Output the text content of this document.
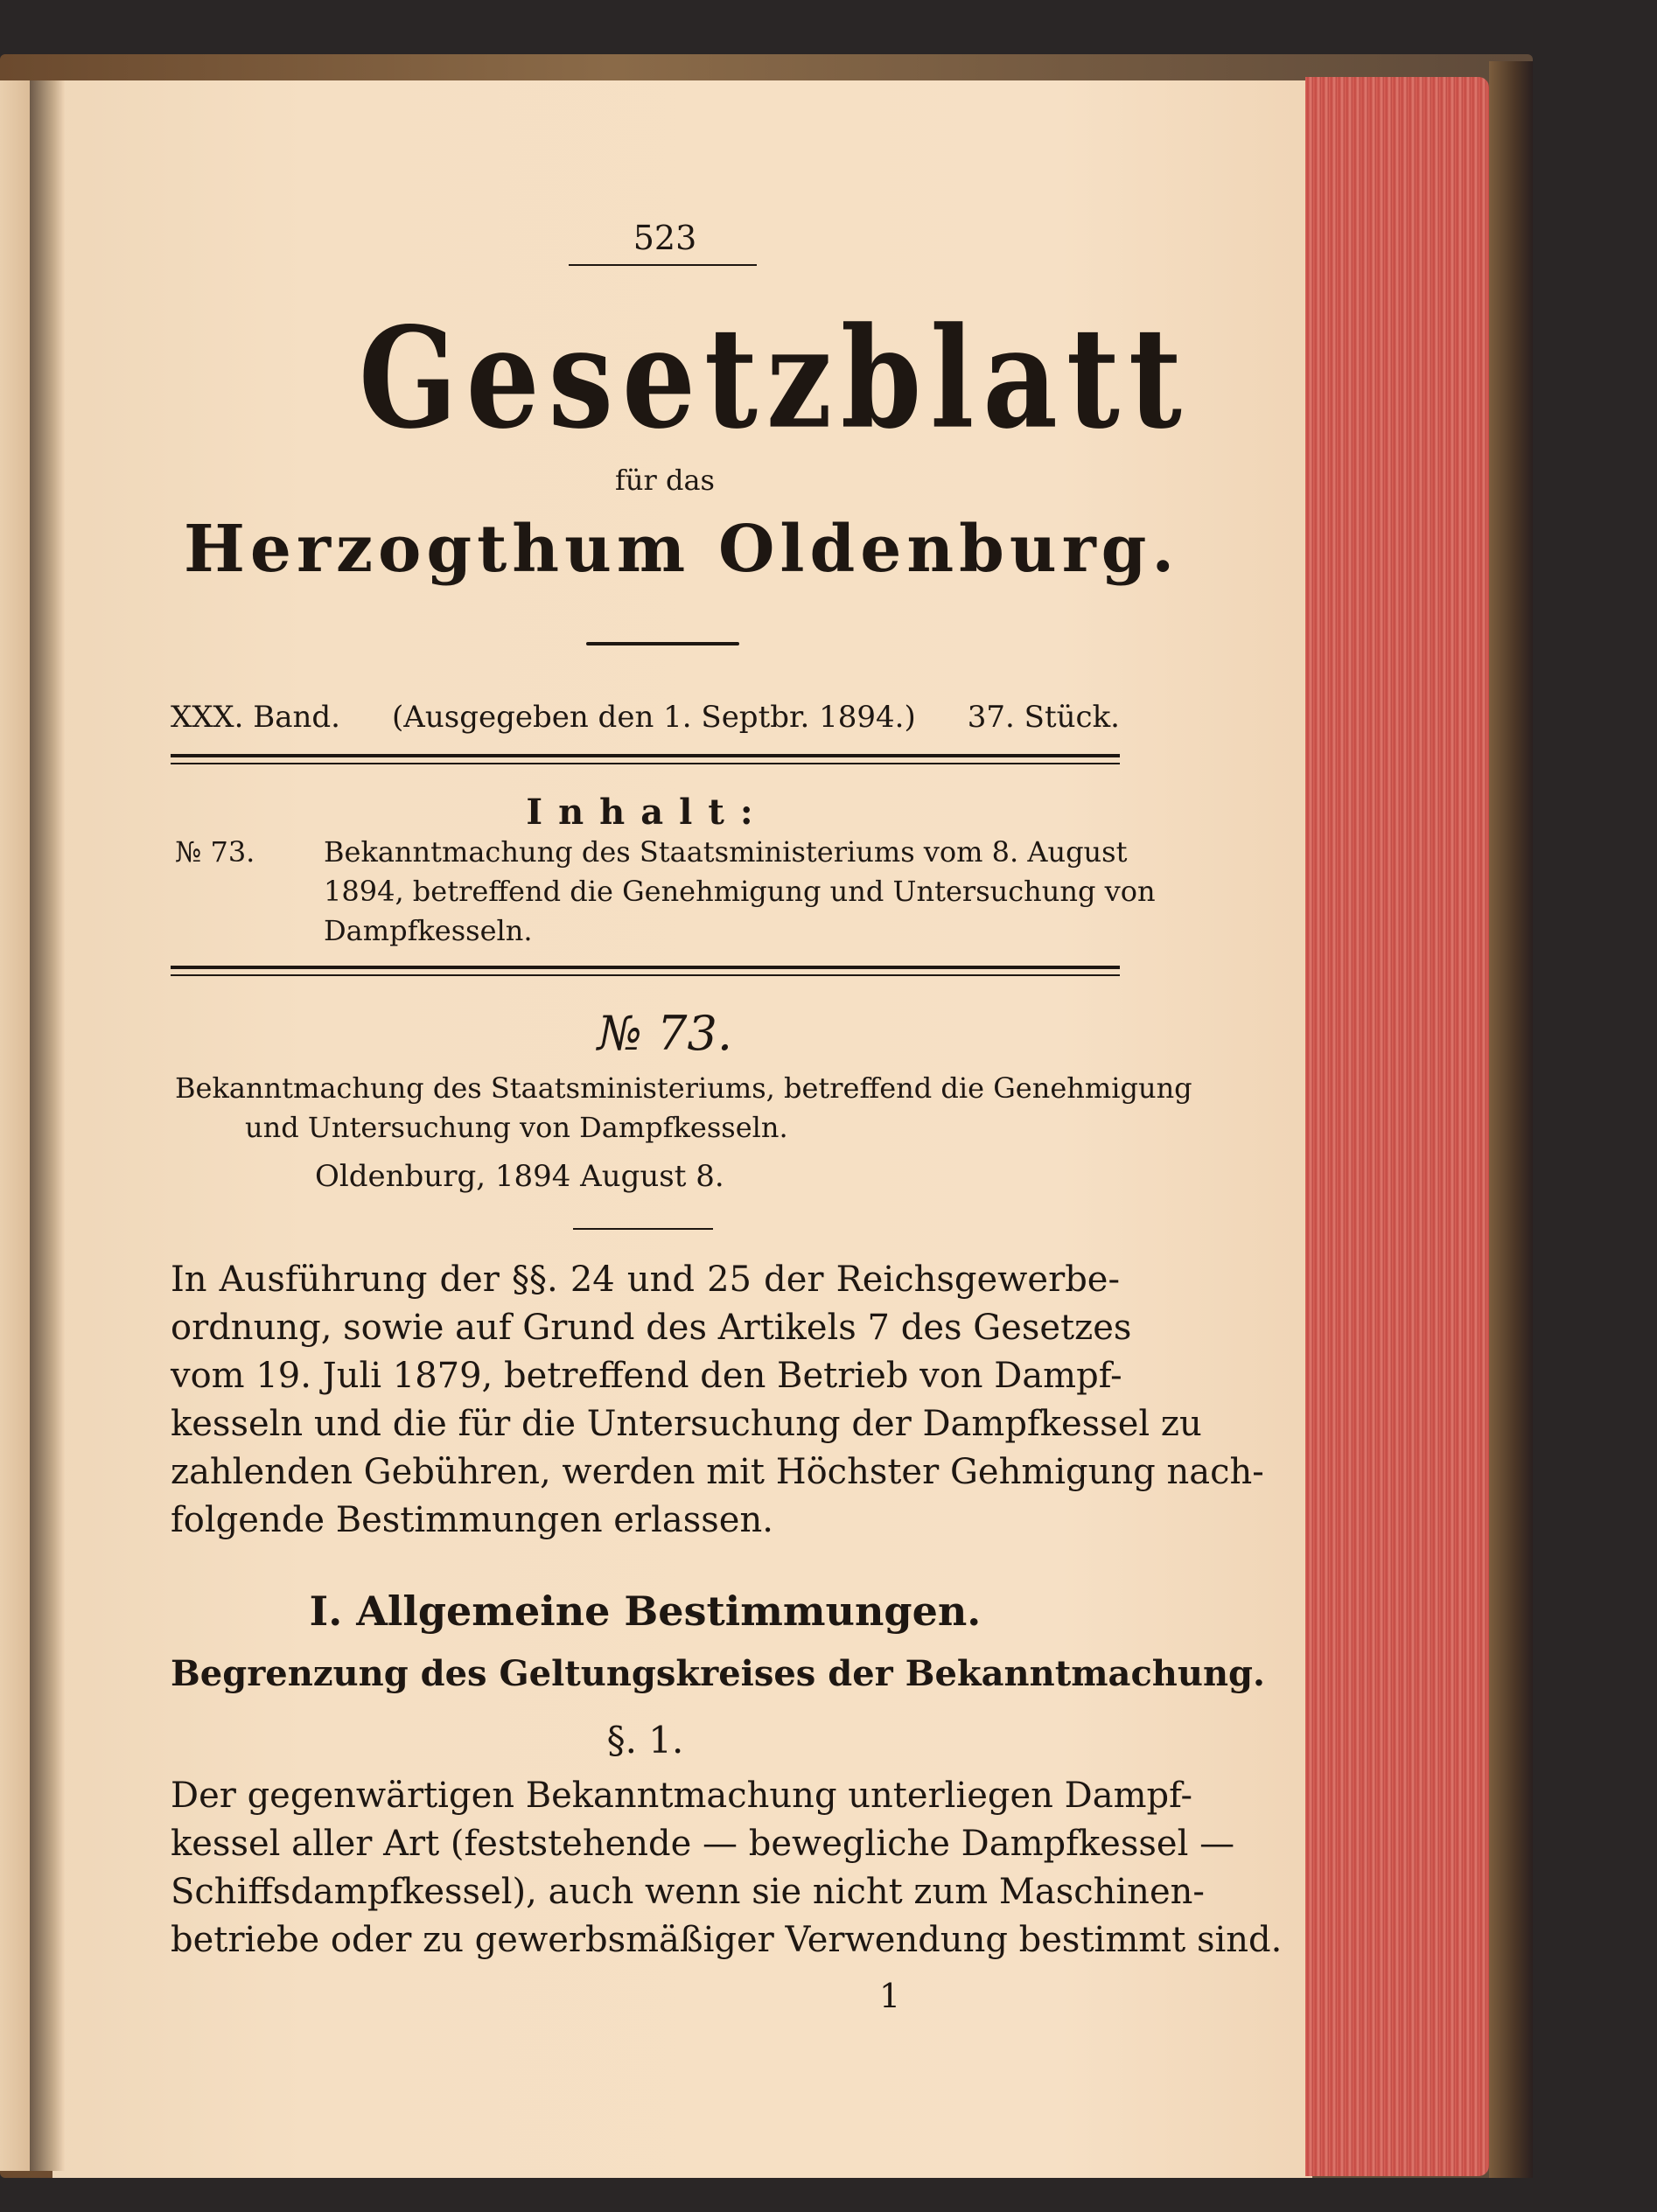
523
Gesetzblatt
für das
Herzogthum Oldenburg.
XXX. Band. (Ausgegeben den 1. Septbr. 1894.) 37. Stück.
Inhalt:
№ 73. Bekanntmachung des Staatsministeriums vom 8. August
1894, betreffend die Genehmigung und Untersuchung von
Dampfkesseln.
№ 73.
Bekanntmachung des Staatsministeriums, betreffend die Genehmigung
und Untersuchung von Dampfkesseln.
Oldenburg, 1894 August 8.
In Ausführung der §§. 24 und 25 der Reichsgewerbe-
ordnung, sowie auf Grund des Artikels 7 des Gesetzes
vom 19. Juli 1879, betreffend den Betrieb von Dampf-
kesseln und die für die Untersuchung der Dampfkessel zu
zahlenden Gebühren, werden mit Höchster Gehmigung nach-
folgende Bestimmungen erlassen.
I. Allgemeine Bestimmungen.
Begrenzung des Geltungskreises der Bekanntmachung.
§. 1.
Der gegenwärtigen Bekanntmachung unterliegen Dampf-
kessel aller Art (feststehende — bewegliche Dampfkessel —
Schiffsdampfkessel), auch wenn sie nicht zum Maschinen-
betriebe oder zu gewerbsmäßiger Verwendung bestimmt sind.
1
